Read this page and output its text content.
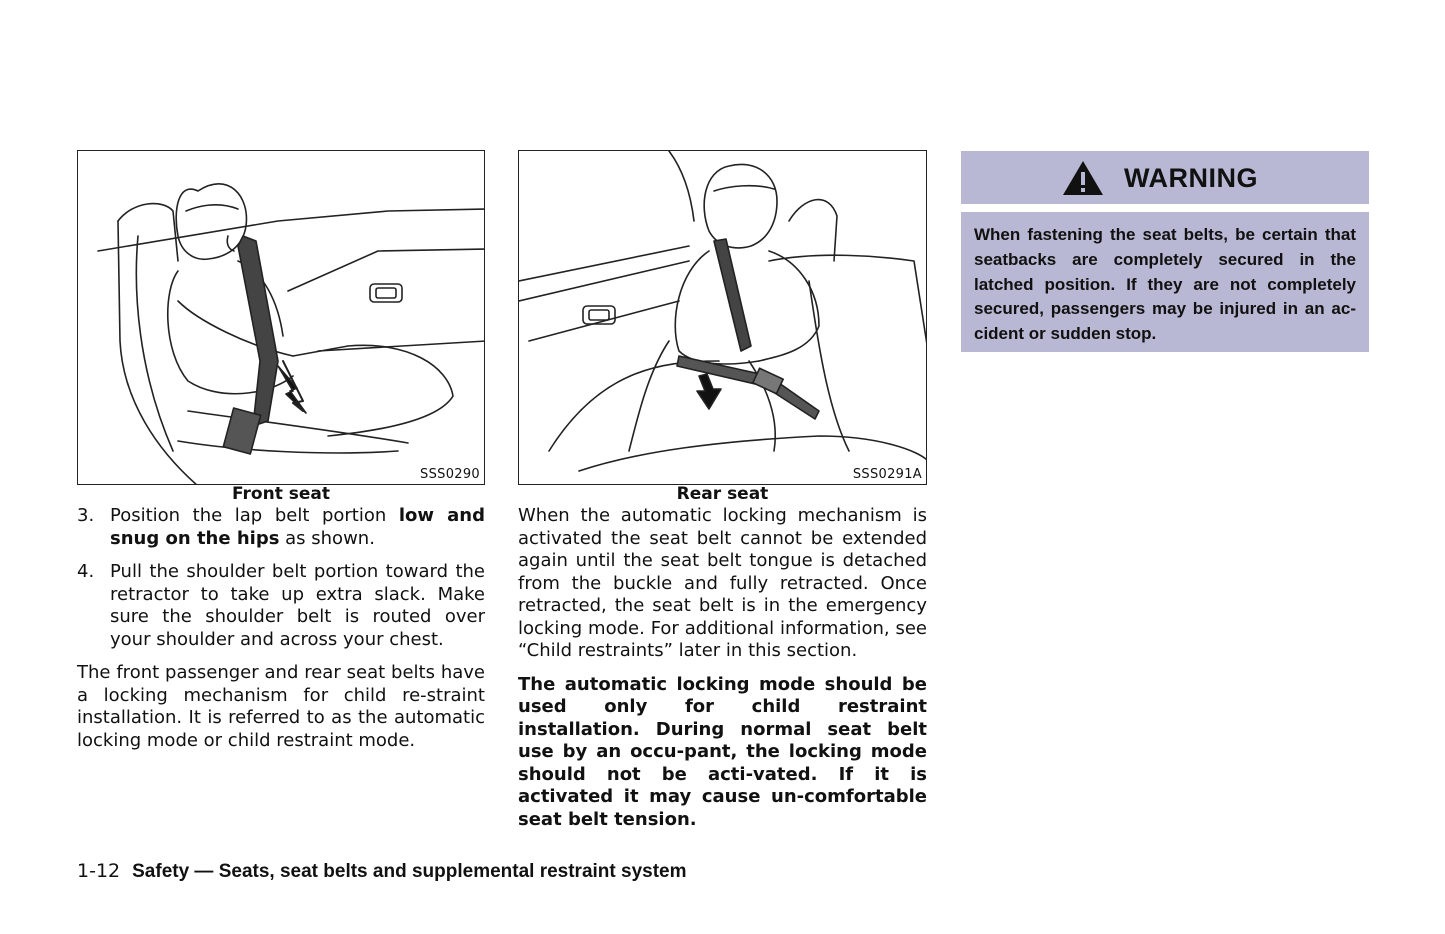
SSS0290	SSS0291A
Front seat	Rear seat
3. Position the lap belt portion low and snug on the hips as shown.
4. Pull the shoulder belt portion toward the retractor to take up extra slack. Make sure the shoulder belt is routed over your shoulder and across your chest.

The front passenger and rear seat belts have a locking mechanism for child re-straint installation. It is referred to as the automatic locking mode or child restraint mode.

When the automatic locking mechanism is activated the seat belt cannot be extended again until the seat belt tongue is detached from the buckle and fully retracted. Once retracted, the seat belt is in the emergency locking mode. For additional information, see “Child restraints” later in this section.

The automatic locking mode should be used only for child restraint installation. During normal seat belt use by an occu-pant, the locking mode should not be acti-vated. If it is activated it may cause un-comfortable seat belt tension.

WARNING
When fastening the seat belts, be certain that seatbacks are completely secured in the latched position. If they are not completely secured, passengers may be injured in an ac-cident or sudden stop.
1-12 Safety — Seats, seat belts and supplemental restraint system
